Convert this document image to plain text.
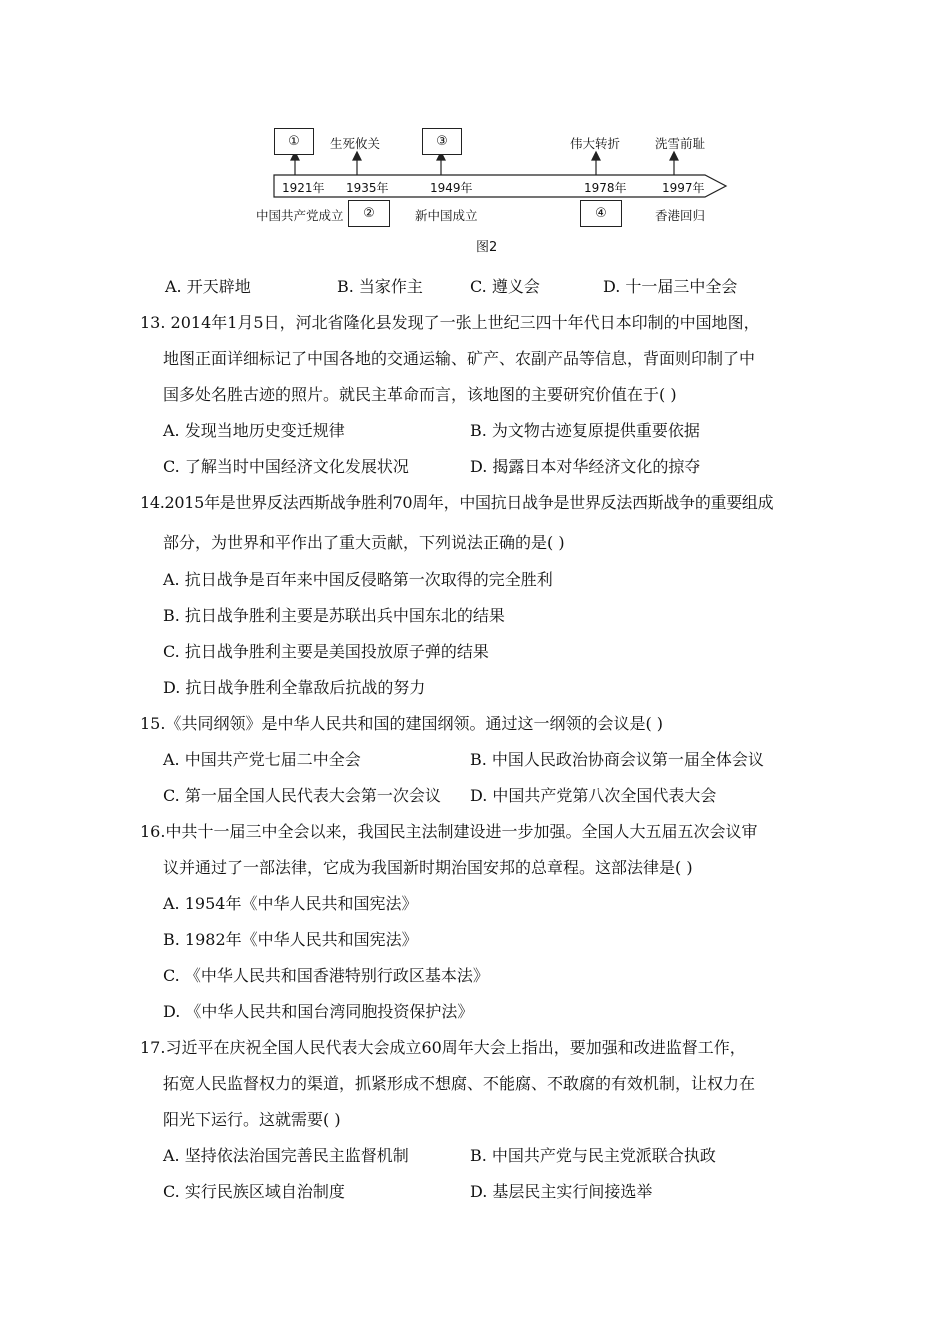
①	生死攸关	③	伟大转折	洗雪前耻
1921年 1935年	1949年	1978年	1997年
中国共产党成立	②	新中国成立	④	香港回归
图2
A. 开天辟地	B. 当家作主	C. 遵义会	D. 十一届三中全会
13. 2014年1月5日，河北省隆化县发现了一张上世纪三四十年代日本印制的中国地图，
地图正面详细标记了中国各地的交通运输、矿产、农副产品等信息，背面则印制了中
国多处名胜古迹的照片。就民主革命而言，该地图的主要研究价值在于( )
A. 发现当地历史变迁规律	B. 为文物古迹复原提供重要依据
C. 了解当时中国经济文化发展状况	D. 揭露日本对华经济文化的掠夺
14.2015年是世界反法西斯战争胜利70周年，中国抗日战争是世界反法西斯战争的重要组成
部分，为世界和平作出了重大贡献，下列说法正确的是( )
A. 抗日战争是百年来中国反侵略第一次取得的完全胜利
B. 抗日战争胜利主要是苏联出兵中国东北的结果
C. 抗日战争胜利主要是美国投放原子弹的结果
D. 抗日战争胜利全靠敌后抗战的努力
15.《共同纲领》是中华人民共和国的建国纲领。通过这一纲领的会议是( )
A. 中国共产党七届二中全会	B. 中国人民政治协商会议第一届全体会议
C. 第一届全国人民代表大会第一次会议 D. 中国共产党第八次全国代表大会
16.中共十一届三中全会以来，我国民主法制建设进一步加强。全国人大五届五次会议审
议并通过了一部法律，它成为我国新时期治国安邦的总章程。这部法律是( )
A. 1954年《中华人民共和国宪法》
B. 1982年《中华人民共和国宪法》
C. 《中华人民共和国香港特别行政区基本法》
D. 《中华人民共和国台湾同胞投资保护法》
17.习近平在庆祝全国人民代表大会成立60周年大会上指出，要加强和改进监督工作，
拓宽人民监督权力的渠道，抓紧形成不想腐、不能腐、不敢腐的有效机制，让权力在
阳光下运行。这就需要( )
A. 坚持依法治国完善民主监督机制	B. 中国共产党与民主党派联合执政
C. 实行民族区域自治制度	D. 基层民主实行间接选举
